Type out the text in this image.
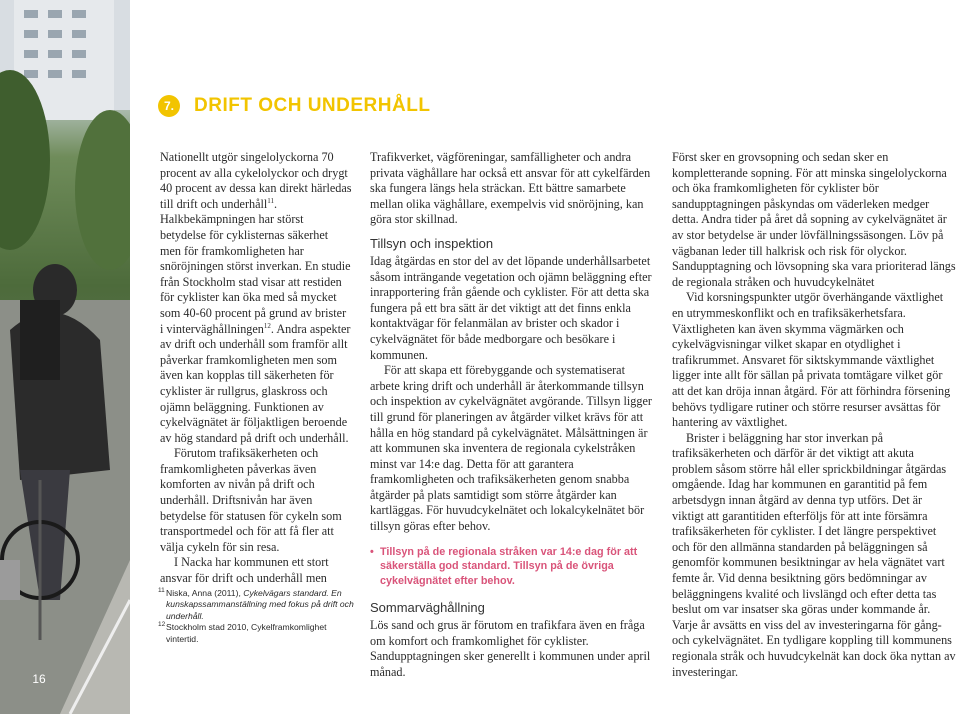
16
7.	DRIFT OCH UNDERHÅLL

Nationellt utgör singelolyckorna 70 procent av alla cykelolyckor och drygt 40 procent av dessa kan direkt härledas till drift och underhåll$^{11}$. Halkbekämpningen har störst betydelse för cyklisternas säkerhet men för framkomligheten har snöröjningen störst inverkan. En studie från Stockholm stad visar att restiden för cyklister kan öka med så mycket som 40-60 procent på grund av brister i vinterväghållningen$^{12}$. Andra aspekter av drift och underhåll som framför allt påverkar framkomligheten men som även kan kopplas till säkerheten för cyklister är rullgrus, glaskross och ojämn beläggning. Funktionen av cykelvägnätet är följaktligen beroende av hög standard på drift och underhåll.

Förutom trafiksäkerheten och framkomligheten påverkas även komforten av nivån på drift och underhåll. Driftsnivån har även betydelse för statusen för cykeln som transportmedel och för att få fler att välja cykeln för sin resa.

I Nacka har kommunen ett stort ansvar för drift och underhåll men

11 Niska, Anna (2011), Cykelvägars standard. En kunskapssammanställning med fokus på drift och underhåll.
12 Stockholm stad 2010, Cykelframkomlighet vintertid.

Trafikverket, vägföreningar, samfälligheter och andra privata väghållare har också ett ansvar för att cykelfärden ska fungera längs hela sträckan. Ett bättre samarbete mellan olika väghållare, exempelvis vid snöröjning, kan göra stor skillnad.

Tillsyn och inspektion

Idag åtgärdas en stor del av det löpande underhållsarbetet såsom inträngande vegetation och ojämn beläggning efter inrapportering från gående och cyklister. För att detta ska fungera på ett bra sätt är det viktigt att det finns enkla kontaktvägar för felanmälan av brister och skador i cykelvägnätet för både medborgare och besökare i kommunen.

För att skapa ett förebyggande och systematiserat arbete kring drift och underhåll är återkommande tillsyn och inspektion av cykelvägnätet avgörande. Tillsyn ligger till grund för planeringen av åtgärder vilket krävs för att hålla en hög standard på cykelvägnätet. Målsättningen är att kommunen ska inventera de regionala cykelstråken minst var 14:e dag. Detta för att garantera framkomligheten och trafiksäkerheten genom snabba åtgärder på plats samtidigt som större åtgärder kan kartläggas. För huvudcykelnätet och lokalcykelnätet bör tillsyn göras efter behov.

• Tillsyn på de regionala stråken var 14:e dag för att säkerställa god standard. Tillsyn på de övriga cykelvägnätet efter behov.
Sommarväghållning

Lös sand och grus är förutom en trafikfara även en fråga om komfort och framkomlighet för cyklister. Sandupptagningen sker generellt i kommunen under april månad.

Först sker en grovsopning och sedan sker en kompletterande sopning. För att minska singelolyckorna och öka framkomligheten för cyklister bör sandupptagningen påskyndas om väderleken medger detta. Andra tider på året då sopning av cykelvägnätet är av stor betydelse är under lövfällningssäsongen. Löv på vägbanan leder till halkrisk och risk för olyckor. Sandupptagning och lövsopning ska vara prioriterad längs de regionala stråken och huvudcykelnätet

Vid korsningspunkter utgör överhängande växtlighet en utrymmeskonflikt och en trafiksäkerhetsfara. Växtligheten kan även skymma vägmärken och cykelvägvisningar vilket skapar en otydlighet i trafikrummet. Ansvaret för siktskymmande växtlighet ligger inte allt för sällan på privata tomtägare vilket gör att det kan dröja innan åtgärd. För att förhindra försening behövs tydligare rutiner och större resurser avsättas för hantering av växtlighet.

Brister i beläggning har stor inverkan på trafiksäkerheten och därför är det viktigt att akuta problem såsom större hål eller sprickbildningar åtgärdas omgående. Idag har kommunen en garantitid på fem arbetsdygn innan åtgärd av denna typ utförs. Det är viktigt att garantitiden efterföljs för att inte försämra trafiksäkerheten för cyklister. I det längre perspektivet och för den allmänna standarden på beläggningen så genomför kommunen besiktningar av hela vägnätet vart femte år. Vid denna besiktning görs bedömningar av beläggningens kvalité och livslängd och efter detta tas beslut om var insatser ska göras under kommande år. Varje år avsätts en viss del av investeringarna för gång- och cykelvägnätet. En tydligare koppling till kommunens regionala stråk och huvudcykelnät kan dock öka nyttan av investeringar.
